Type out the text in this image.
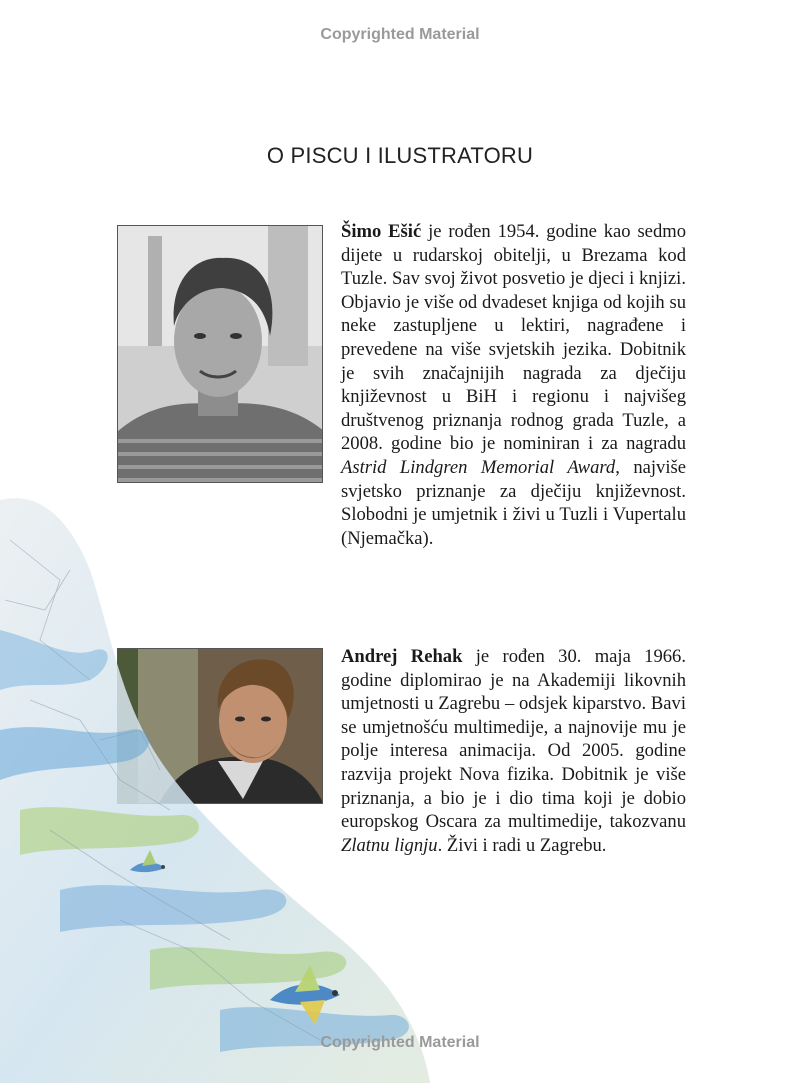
Copyrighted Material
O PISCU I ILUSTRATORU
Šimo Ešić je rođen 1954. godine kao sedmo dijete u rudarskoj obitelji, u Brezama kod Tuzle. Sav svoj život posvetio je djeci i knjizi. Objavio je više od dvadeset knjiga od kojih su neke zastupljene u lektiri, nagrađene i prevedene na više svjetskih jezika. Dobitnik je svih značajnijih nagrada za dječiju književnost u BiH i regionu i najvišeg društvenog priznanja rodnog grada Tuzle, a 2008. godine bio je nominiran i za nagradu Astrid Lindgren Memorial Award, najviše svjetsko priznanje za dječiju književnost. Slobodni je umjetnik i živi u Tuzli i Vupertalu (Njemačka).
Andrej Rehak je rođen 30. maja 1966. godine diplomirao je na Akademiji likovnih umjetnosti u Zagrebu – odsjek kiparstvo. Bavi se umjetnošću multimedije, a najnovije mu je polje interesa animacija. Od 2005. godine razvija projekt Nova fizika. Dobitnik je više priznanja, a bio je i dio tima koji je dobio europskog Oscara za multimedije, takozvanu Zlatnu lignju. Živi i radi u Zagrebu.
Copyrighted Material
